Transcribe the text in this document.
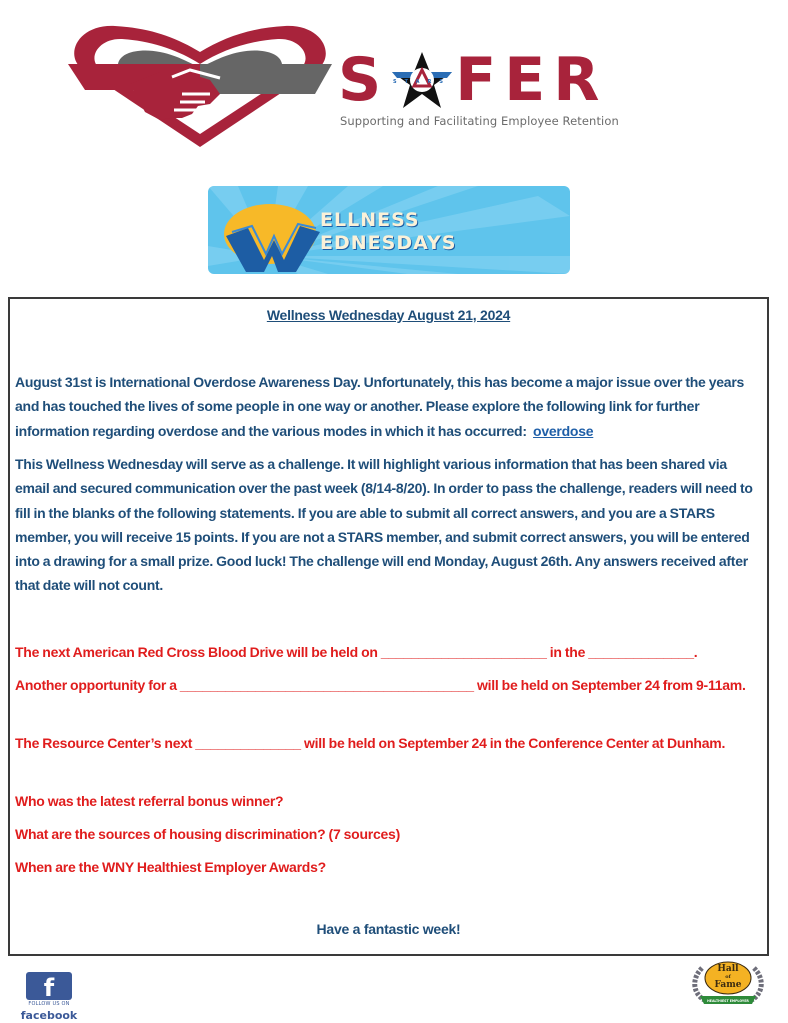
S STARS FER
Supporting and Facilitating Employee Retention
ELLNESS
EDNESDAYS
Wellness Wednesday August 21, 2024
August 31st is International Overdose Awareness Day. Unfortunately, this has become a major issue over the years and has touched the lives of some people in one way or another. Please explore the following link for further information regarding overdose and the various modes in which it has occurred: overdose
This Wellness Wednesday will serve as a challenge. It will highlight various information that has been shared via email and secured communication over the past week (8/14-8/20). In order to pass the challenge, readers will need to fill in the blanks of the following statements. If you are able to submit all correct answers, and you are a STARS member, you will receive 15 points. If you are not a STARS member, and submit correct answers, you will be entered into a drawing for a small prize. Good luck! The challenge will end Monday, August 26th. Any answers received after that date will not count.
The next American Red Cross Blood Drive will be held on ______________________ in the ______________.
Another opportunity for a _______________________________________ will be held on September 24 from 9-11am.
The Resource Center’s next ______________ will be held on September 24 in the Conference Center at Dunham.
Who was the latest referral bonus winner?
What are the sources of housing discrimination? (7 sources)
When are the WNY Healthiest Employer Awards?
Have a fantastic week!
f
FOLLOW US ON
facebook
HEALTHIEST EMPLOYER
Hall
of
Fame
